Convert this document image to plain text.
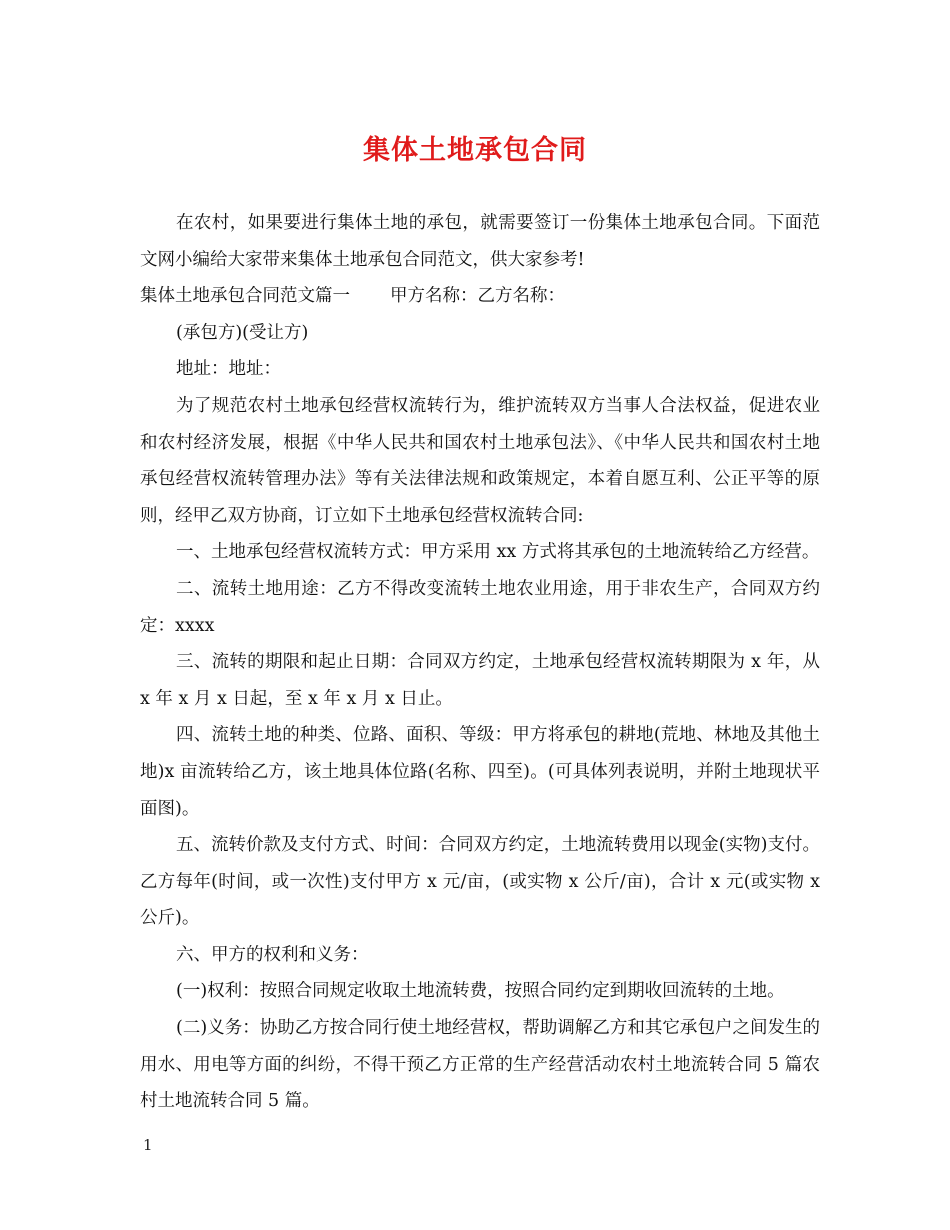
集体土地承包合同

在农村，如果要进行集体土地的承包，就需要签订一份集体土地承包合同。下面范文网小编给大家带来集体土地承包合同范文，供大家参考!

集体土地承包合同范文篇一 甲方名称：乙方名称：

(承包方)(受让方)

地址：地址：

为了规范农村土地承包经营权流转行为，维护流转双方当事人合法权益，促进农业和农村经济发展，根据《中华人民共和国农村土地承包法》、《中华人民共和国农村土地承包经营权流转管理办法》等有关法律法规和政策规定，本着自愿互利、公正平等的原则，经甲乙双方协商，订立如下土地承包经营权流转合同:

一、土地承包经营权流转方式：甲方采用 xx 方式将其承包的土地流转给乙方经营。

二、流转土地用途：乙方不得改变流转土地农业用途，用于非农生产，合同双方约定：xxxx

三、流转的期限和起止日期：合同双方约定，土地承包经营权流转期限为 x 年，从 x 年 x 月 x 日起，至 x 年 x 月 x 日止。

四、流转土地的种类、位路、面积、等级：甲方将承包的耕地(荒地、林地及其他土地)x 亩流转给乙方，该土地具体位路(名称、四至)。(可具体列表说明，并附土地现状平面图)。

五、流转价款及支付方式、时间：合同双方约定，土地流转费用以现金(实物)支付。乙方每年(时间，或一次性)支付甲方 x 元/亩，(或实物 x 公斤/亩)，合计 x 元(或实物 x 公斤)。

六、甲方的权利和义务：

(一)权利：按照合同规定收取土地流转费，按照合同约定到期收回流转的土地。

(二)义务：协助乙方按合同行使土地经营权，帮助调解乙方和其它承包户之间发生的用水、用电等方面的纠纷，不得干预乙方正常的生产经营活动农村土地流转合同 5 篇农村土地流转合同 5 篇。

1
